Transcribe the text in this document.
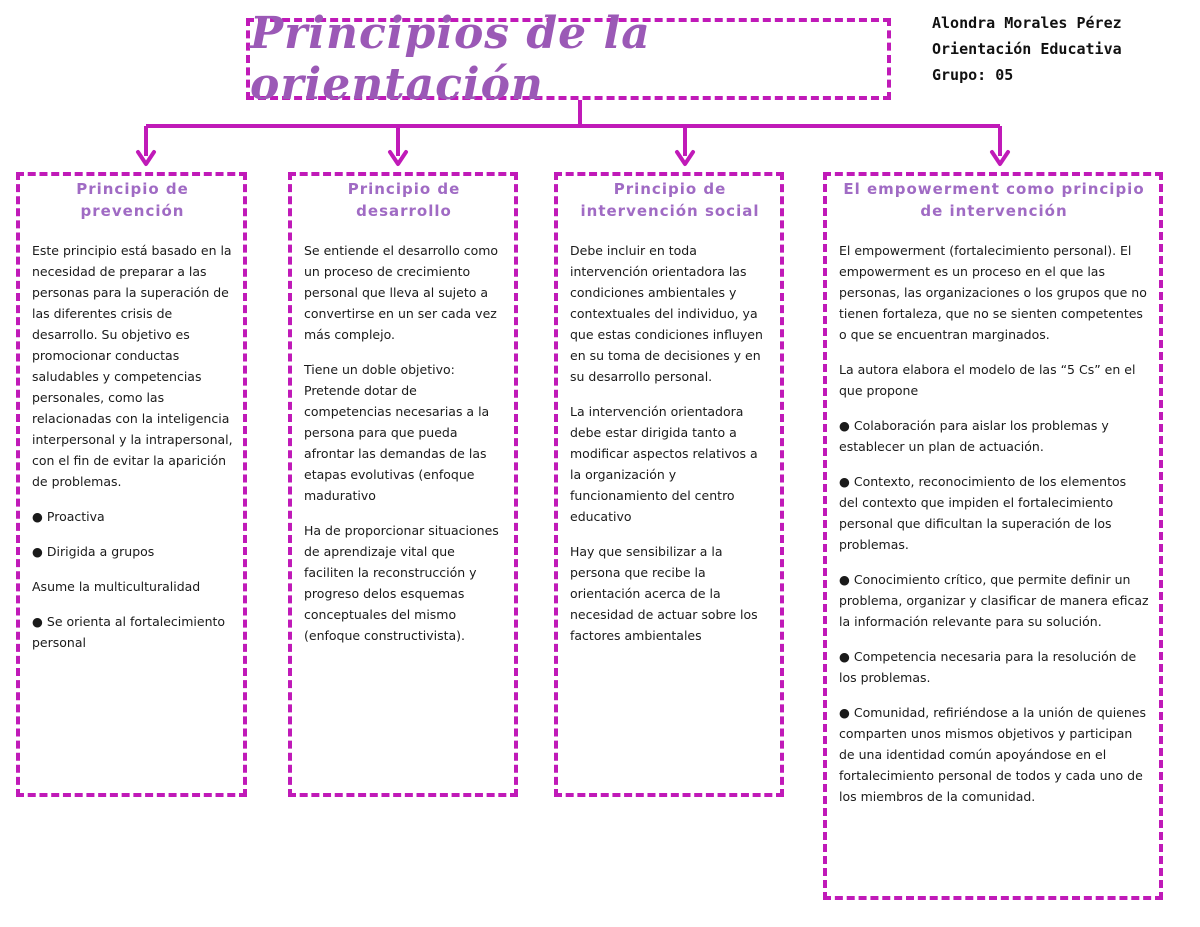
Principios de la orientación
Alondra Morales Pérez
Orientación Educativa
Grupo: 05
Principio de prevención

Este principio está basado en la necesidad de preparar a las personas para la superación de las diferentes crisis de desarrollo. Su objetivo es promocionar conductas saludables y competencias personales, como las relacionadas con la inteligencia interpersonal y la intrapersonal, con el fin de evitar la aparición de problemas.

● Proactiva

● Dirigida a grupos

Asume la multiculturalidad

● Se orienta al fortalecimiento personal

Principio de desarrollo

Se entiende el desarrollo como un proceso de crecimiento personal que lleva al sujeto a convertirse en un ser cada vez más complejo.

Tiene un doble objetivo: Pretende dotar de competencias necesarias a la persona para que pueda afrontar las demandas de las etapas evolutivas (enfoque madurativo

Ha de proporcionar situaciones de aprendizaje vital que faciliten la reconstrucción y progreso delos esquemas conceptuales del mismo (enfoque constructivista).

Principio de intervención social

Debe incluir en toda intervención orientadora las condiciones ambientales y contextuales del individuo, ya que estas condiciones influyen en su toma de decisiones y en su desarrollo personal.

La intervención orientadora debe estar dirigida tanto a modificar aspectos relativos a la organización y funcionamiento del centro educativo

Hay que sensibilizar a la persona que recibe la orientación acerca de la necesidad de actuar sobre los factores ambientales

El empowerment como principio de intervención

El empowerment (fortalecimiento personal). El empowerment es un proceso en el que las personas, las organizaciones o los grupos que no tienen fortaleza, que no se sienten competentes o que se encuentran marginados.

La autora elabora el modelo de las “5 Cs” en el que propone

● Colaboración para aislar los problemas y establecer un plan de actuación.

● Contexto, reconocimiento de los elementos del contexto que impiden el fortalecimiento personal que dificultan la superación de los problemas.

● Conocimiento crítico, que permite definir un problema, organizar y clasificar de manera eficaz la información relevante para su solución.

● Competencia necesaria para la resolución de los problemas.

● Comunidad, refiriéndose a la unión de quienes comparten unos mismos objetivos y participan de una identidad común apoyándose en el fortalecimiento personal de todos y cada uno de los miembros de la comunidad.
